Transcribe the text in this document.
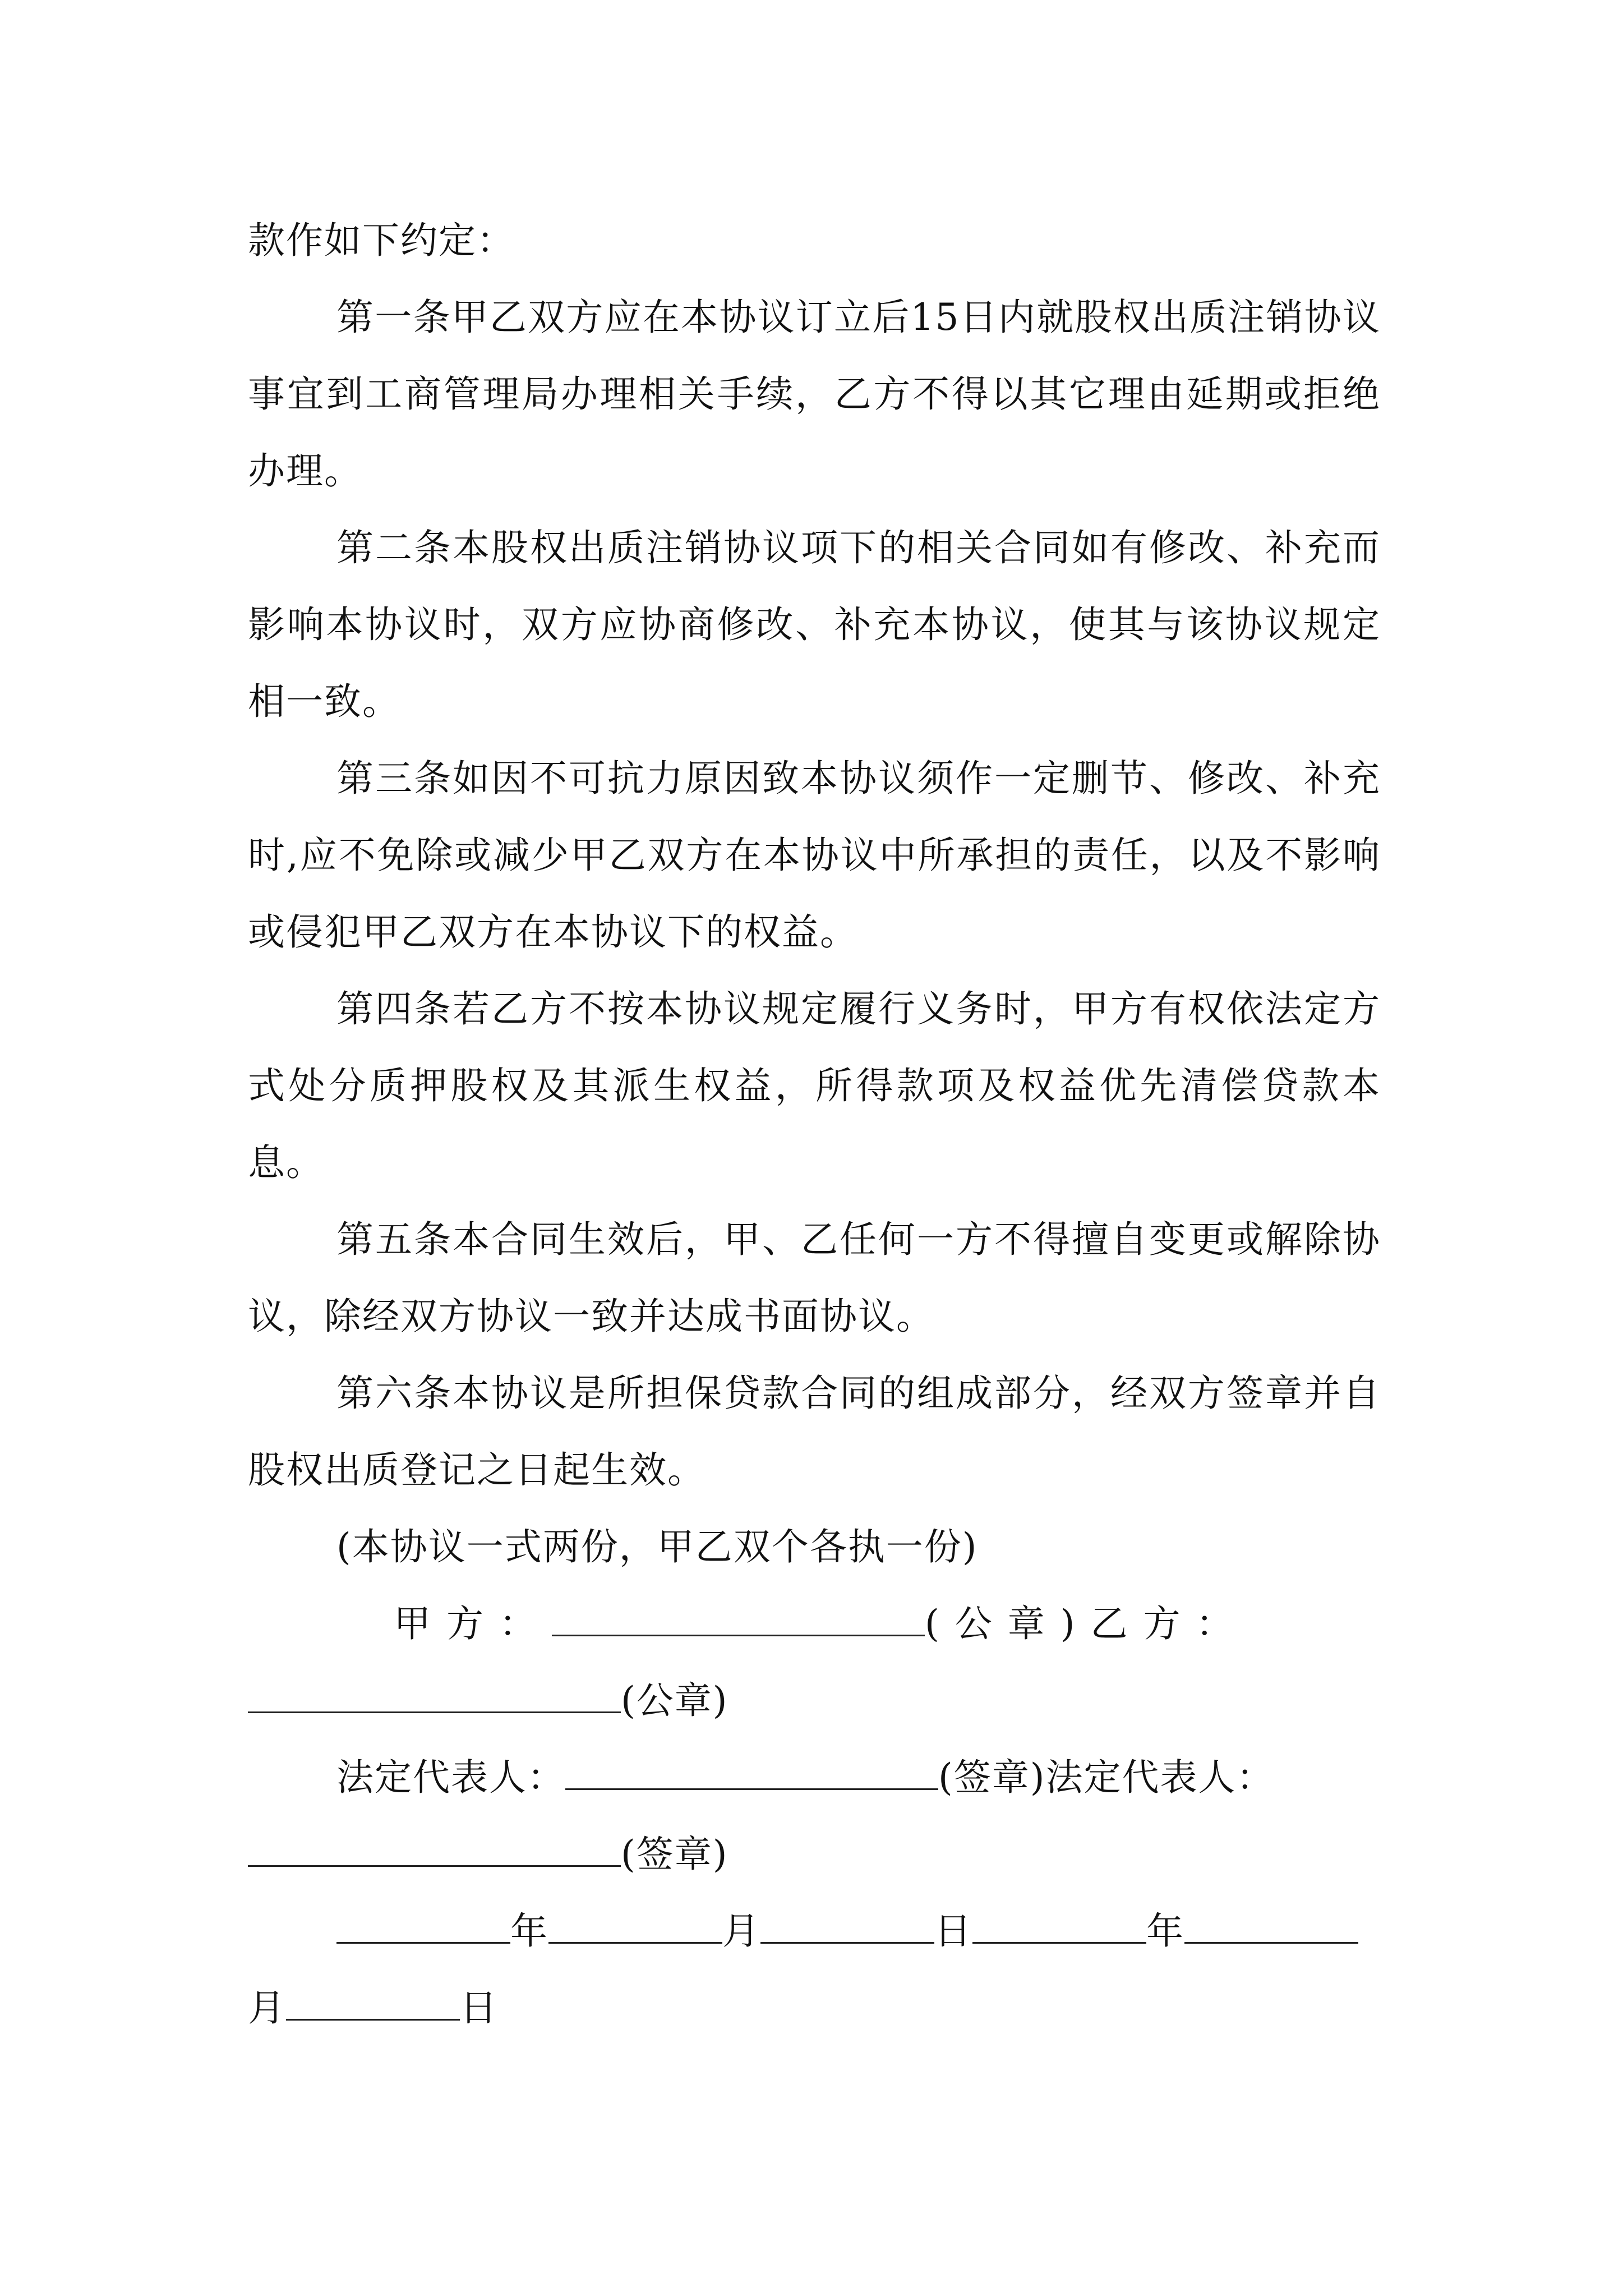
款作如下约定：

第一条甲乙双方应在本协议订立后15日内就股权出质注销协议事宜到工商管理局办理相关手续，乙方不得以其它理由延期或拒绝办理。

第二条本股权出质注销协议项下的相关合同如有修改、补充而影响本协议时，双方应协商修改、补充本协议，使其与该协议规定相一致。

第三条如因不可抗力原因致本协议须作一定删节、修改、补充时,应不免除或减少甲乙双方在本协议中所承担的责任，以及不影响或侵犯甲乙双方在本协议下的权益。

第四条若乙方不按本协议规定履行义务时，甲方有权依法定方式处分质押股权及其派生权益，所得款项及权益优先清偿贷款本息。

第五条本合同生效后，甲、乙任何一方不得擅自变更或解除协议，除经双方协议一致并达成书面协议。

第六条本协议是所担保贷款合同的组成部分，经双方签章并自股权出质登记之日起生效。

(本协议一式两份，甲乙双个各执一份)

甲方：	(公章) 乙方：
(公章)
法定代表人：	(签章) 法定代表人：
(签章)
年	月	日	年
月	日
